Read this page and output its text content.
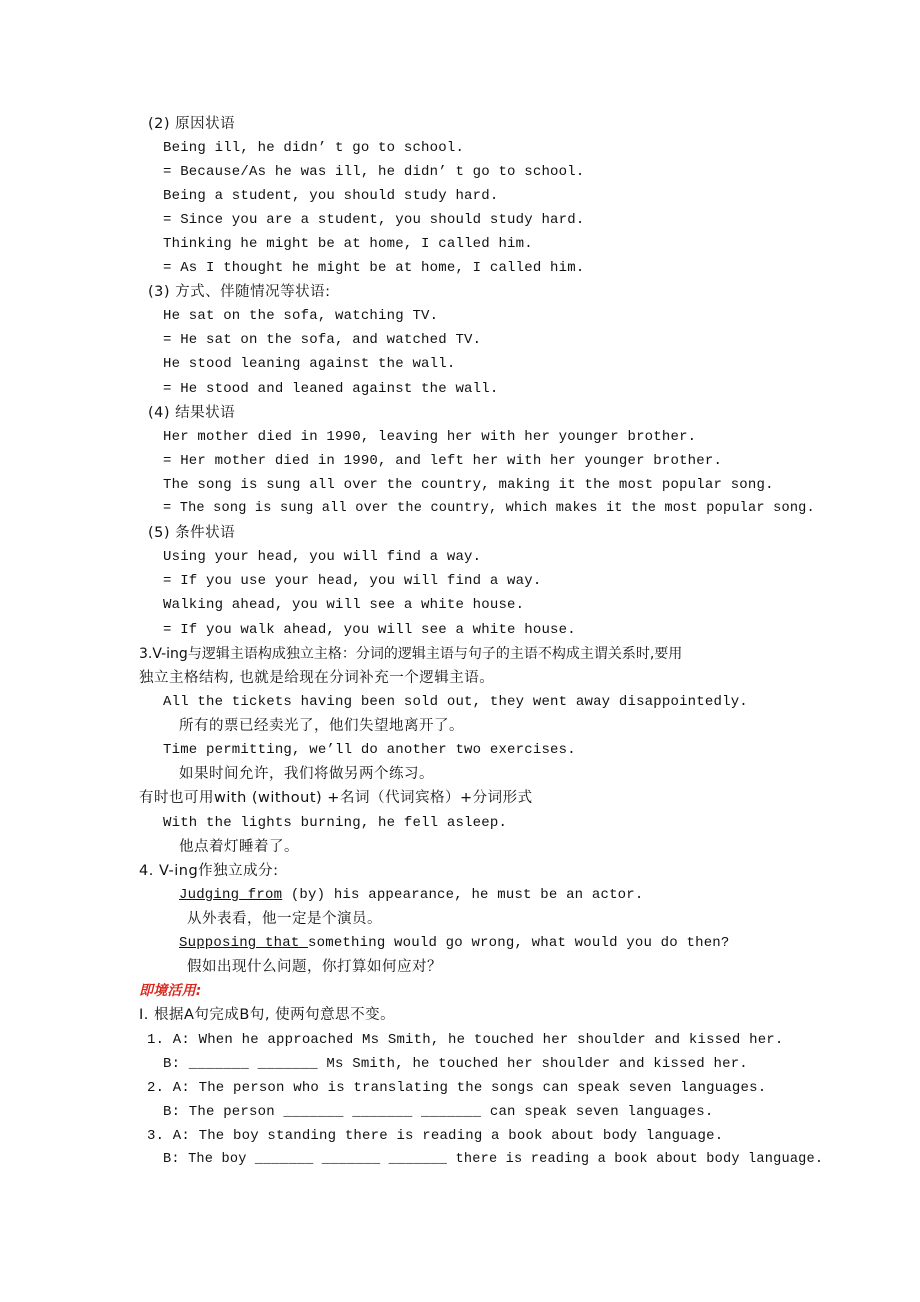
(2) 原因状语
Being ill, he didn’ t go to school.
= Because/As he was ill, he didn’ t go to school.
Being a student, you should study hard.
= Since you are a student, you should study hard.
Thinking he might be at home, I called him.
= As I thought he might be at home, I called him.
(3) 方式、伴随情况等状语:
He sat on the sofa, watching TV.
= He sat on the sofa, and watched TV.
He stood leaning against the wall.
= He stood and leaned against the wall.
(4) 结果状语
Her mother died in 1990, leaving her with her younger brother.
= Her mother died in 1990, and left her with her younger brother.
The song is sung all over the country, making it the most popular song.
= The song is sung all over the country, which makes it the most popular song.
(5) 条件状语
Using your head, you will find a way.
= If you use your head, you will find a way.
Walking ahead, you will see a white house.
= If you walk ahead, you will see a white house.
3.V-ing与逻辑主语构成独立主格：分词的逻辑主语与句子的主语不构成主谓关系时,要用
独立主格结构, 也就是给现在分词补充一个逻辑主语。
All the tickets having been sold out, they went away disappointedly.
所有的票已经卖光了，他们失望地离开了。
Time permitting, we’ll do another two exercises.
如果时间允许，我们将做另两个练习。
有时也可用with (without) +名词（代词宾格）+分词形式
With the lights burning, he fell asleep.
他点着灯睡着了。
4. V-ing作独立成分:
Judging from (by) his appearance, he must be an actor.
从外表看，他一定是个演员。
Supposing that something would go wrong, what would you do then?
假如出现什么问题，你打算如何应对？
即境活用:
I. 根据A句完成B句, 使两句意思不变。
1. A: When he approached Ms Smith, he touched her shoulder and kissed her.
B: _______ _______ Ms Smith, he touched her shoulder and kissed her.
2. A: The person who is translating the songs can speak seven languages.
B: The person _______ _______ _______ can speak seven languages.
3. A: The boy standing there is reading a book about body language.
B: The boy _______ _______ _______ there is reading a book about body language.
